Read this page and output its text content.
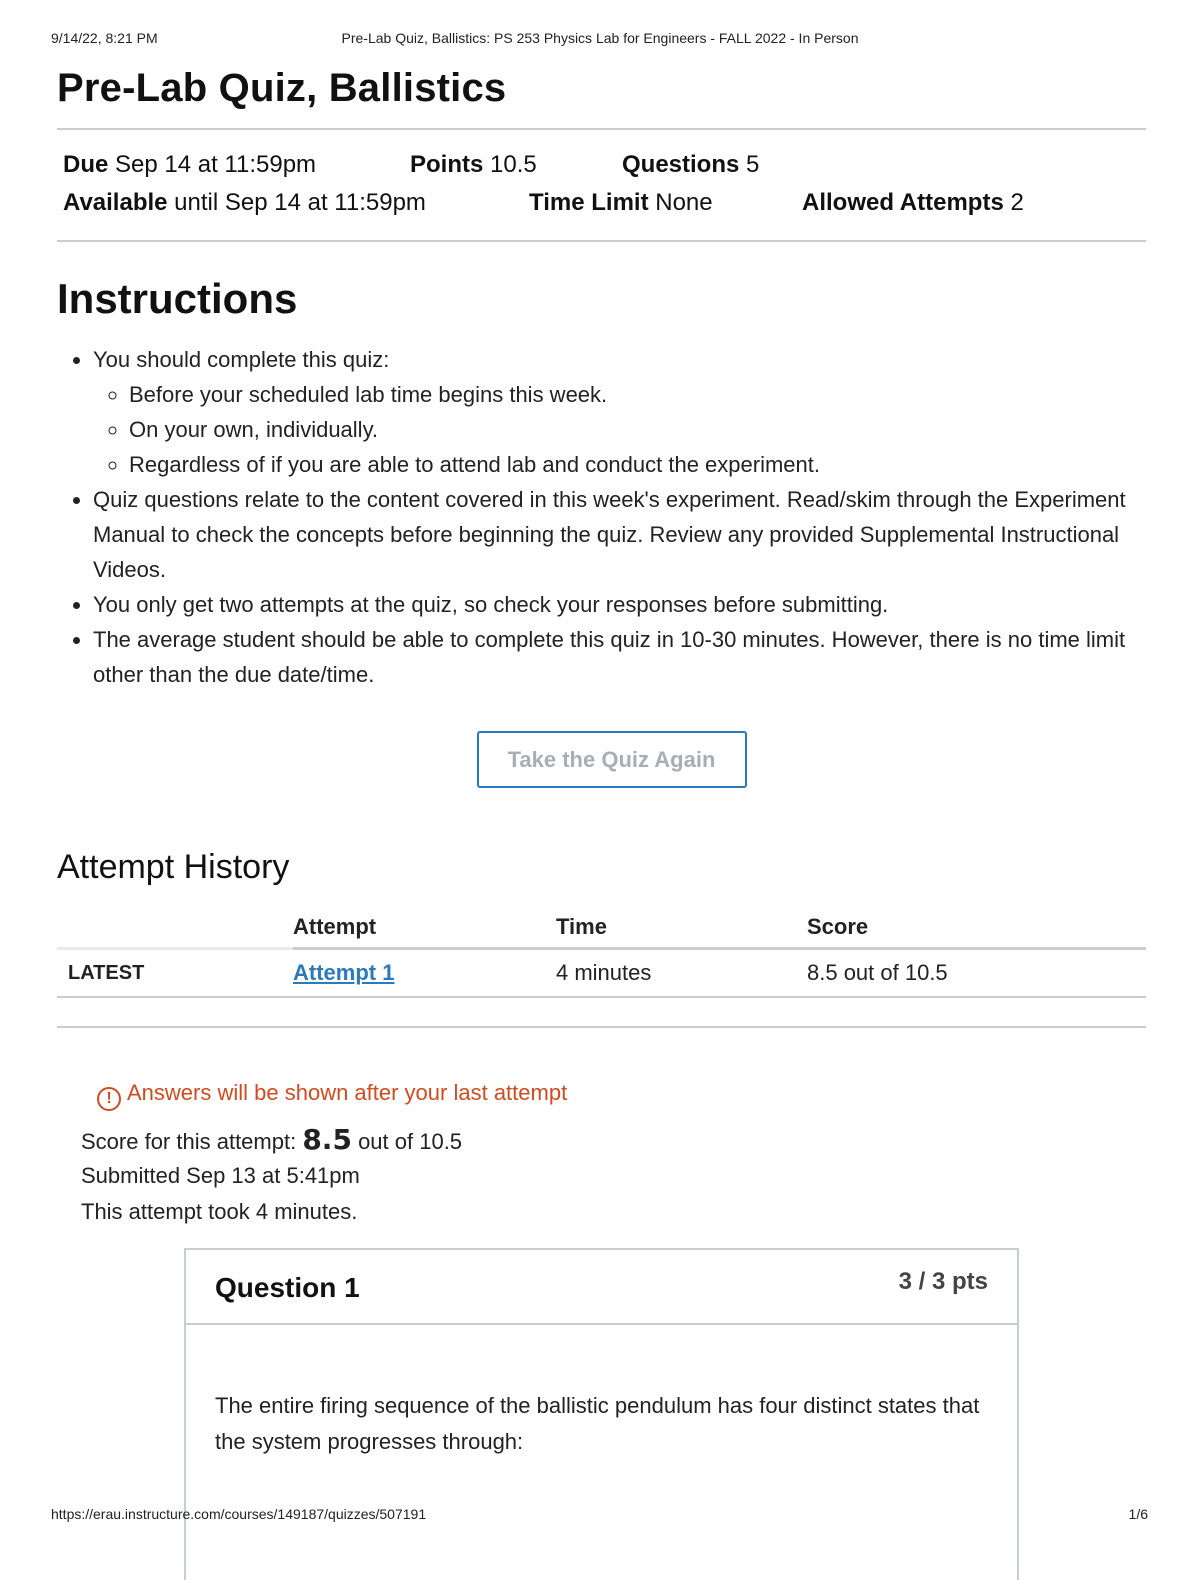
9/14/22, 8:21 PM	Pre-Lab Quiz, Ballistics: PS 253 Physics Lab for Engineers - FALL 2022 - In Person
Pre-Lab Quiz, Ballistics
Due Sep 14 at 11:59pm	Points 10.5	Questions 5
Available until Sep 14 at 11:59pm	Time Limit None	Allowed Attempts 2
Instructions
• You should complete this quiz:
◦ Before your scheduled lab time begins this week.
◦ On your own, individually.
◦ Regardless of if you are able to attend lab and conduct the experiment.
• Quiz questions relate to the content covered in this week's experiment. Read/skim through the Experiment Manual to check the concepts before beginning the quiz. Review any provided Supplemental Instructional Videos.
• You only get two attempts at the quiz, so check your responses before submitting.
• The average student should be able to complete this quiz in 10-30 minutes. However, there is no time limit other than the due date/time.
Take the Quiz Again
Attempt History
	Attempt	Time	Score
LATEST	Attempt 1	4 minutes	8.5 out of 10.5
! Answers will be shown after your last attempt
Score for this attempt: 8.5 out of 10.5
Submitted Sep 13 at 5:41pm
This attempt took 4 minutes.
Question 1	3 / 3 pts
The entire firing sequence of the ballistic pendulum has four distinct states that the system progresses through:
https://erau.instructure.com/courses/149187/quizzes/507191	1/6
